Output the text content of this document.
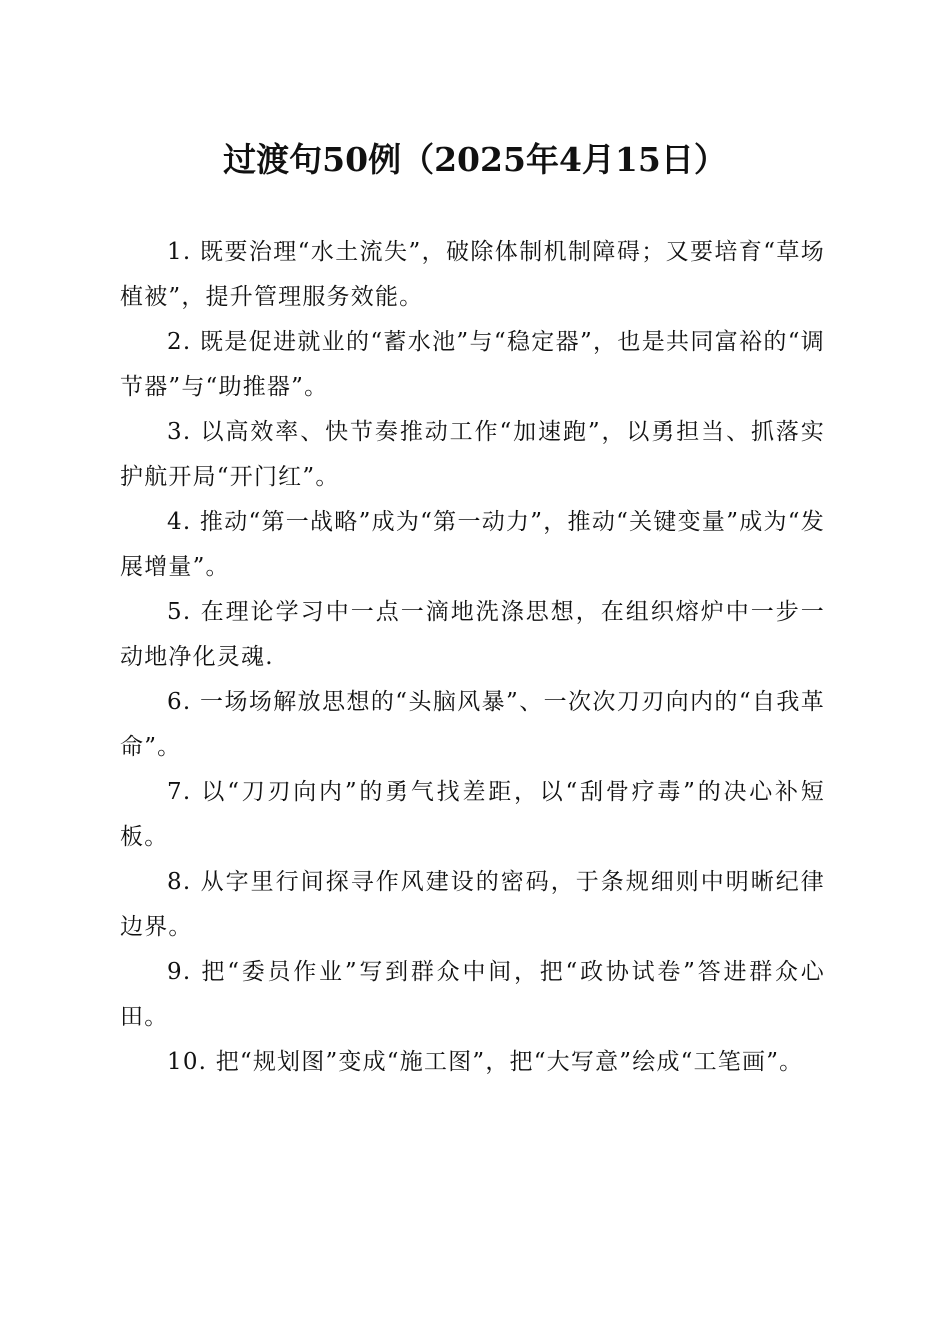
过渡句50例（2025年4月15日）

1. 既要治理“水土流失”，破除体制机制障碍；又要培育“草场植被”，提升管理服务效能。

2. 既是促进就业的“蓄水池”与“稳定器”，也是共同富裕的“调节器”与“助推器”。

3. 以高效率、快节奏推动工作“加速跑”，以勇担当、抓落实护航开局“开门红”。

4. 推动“第一战略”成为“第一动力”，推动“关键变量”成为“发展增量”。

5. 在理论学习中一点一滴地洗涤思想，在组织熔炉中一步一动地净化灵魂.

6. 一场场解放思想的“头脑风暴”、一次次刀刃向内的“自我革命”。

7. 以“刀刃向内”的勇气找差距，以“刮骨疗毒”的决心补短板。

8. 从字里行间探寻作风建设的密码，于条规细则中明晰纪律边界。

9. 把“委员作业”写到群众中间，把“政协试卷”答进群众心田。

10. 把“规划图”变成“施工图”，把“大写意”绘成“工笔画”。
